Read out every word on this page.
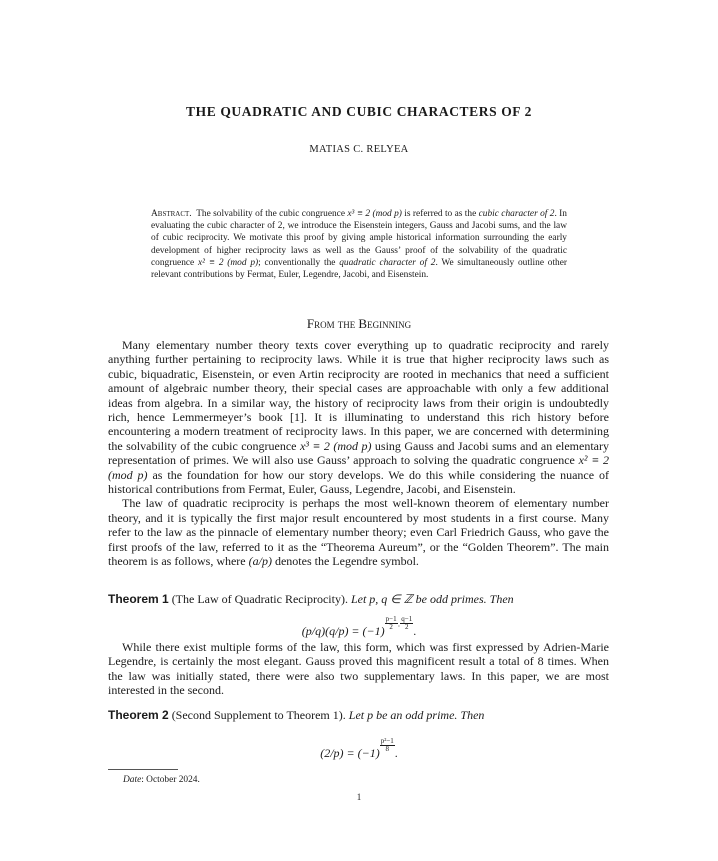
THE QUADRATIC AND CUBIC CHARACTERS OF 2
MATIAS C. RELYEA
Abstract. The solvability of the cubic congruence x³ ≡ 2 (mod p) is referred to as the cubic character of 2. In evaluating the cubic character of 2, we introduce the Eisenstein integers, Gauss and Jacobi sums, and the law of cubic reciprocity. We motivate this proof by giving ample historical information surrounding the early development of higher reciprocity laws as well as the Gauss’ proof of the solvability of the quadratic congruence x² ≡ 2 (mod p); conventionally the quadratic character of 2. We simultaneously outline other relevant contributions by Fermat, Euler, Legendre, Jacobi, and Eisenstein.
From the Beginning

Many elementary number theory texts cover everything up to quadratic reciprocity and rarely anything further pertaining to reciprocity laws. While it is true that higher reciprocity laws such as cubic, biquadratic, Eisenstein, or even Artin reciprocity are rooted in mechanics that need a sufficient amount of algebraic number theory, their special cases are approachable with only a few additional ideas from algebra. In a similar way, the history of reciprocity laws from their origin is undoubtedly rich, hence Lemmermeyer’s book [1]. It is illuminating to understand this rich history before encountering a modern treatment of reciprocity laws. In this paper, we are concerned with determining the solvability of the cubic congruence x³ ≡ 2 (mod p) using Gauss and Jacobi sums and an elementary representation of primes. We will also use Gauss’ approach to solving the quadratic congruence x² ≡ 2 (mod p) as the foundation for how our story develops. We do this while considering the nuance of historical contributions from Fermat, Euler, Gauss, Legendre, Jacobi, and Eisenstein.

The law of quadratic reciprocity is perhaps the most well-known theorem of elementary number theory, and it is typically the first major result encountered by most students in a first course. Many refer to the law as the pinnacle of elementary number theory; even Carl Friedrich Gauss, who gave the first proofs of the law, referred to it as the “Theorema Aureum”, or the “Golden Theorem”. The main theorem is as follows, where (a/p) denotes the Legendre symbol.

Theorem 1 (The Law of Quadratic Reciprocity). Let p, q ∈ ℤ be odd primes. Then
$(p/q)(q/p) = (-1) \frac{p-1}{2} ^\cdot \frac{q-1}{2}$ .

While there exist multiple forms of the law, this form, which was first expressed by Adrien-Marie Legendre, is certainly the most elegant. Gauss proved this magnificent result a total of 8 times. When the law was initially stated, there were also two supplementary laws. In this paper, we are most interested in the second.

Theorem 2 (Second Supplement to Theorem 1). Let p be an odd prime. Then
$(2/p) = (-1) \frac{\text{p²−1}}{8}$ .
Date: October 2024.
1
